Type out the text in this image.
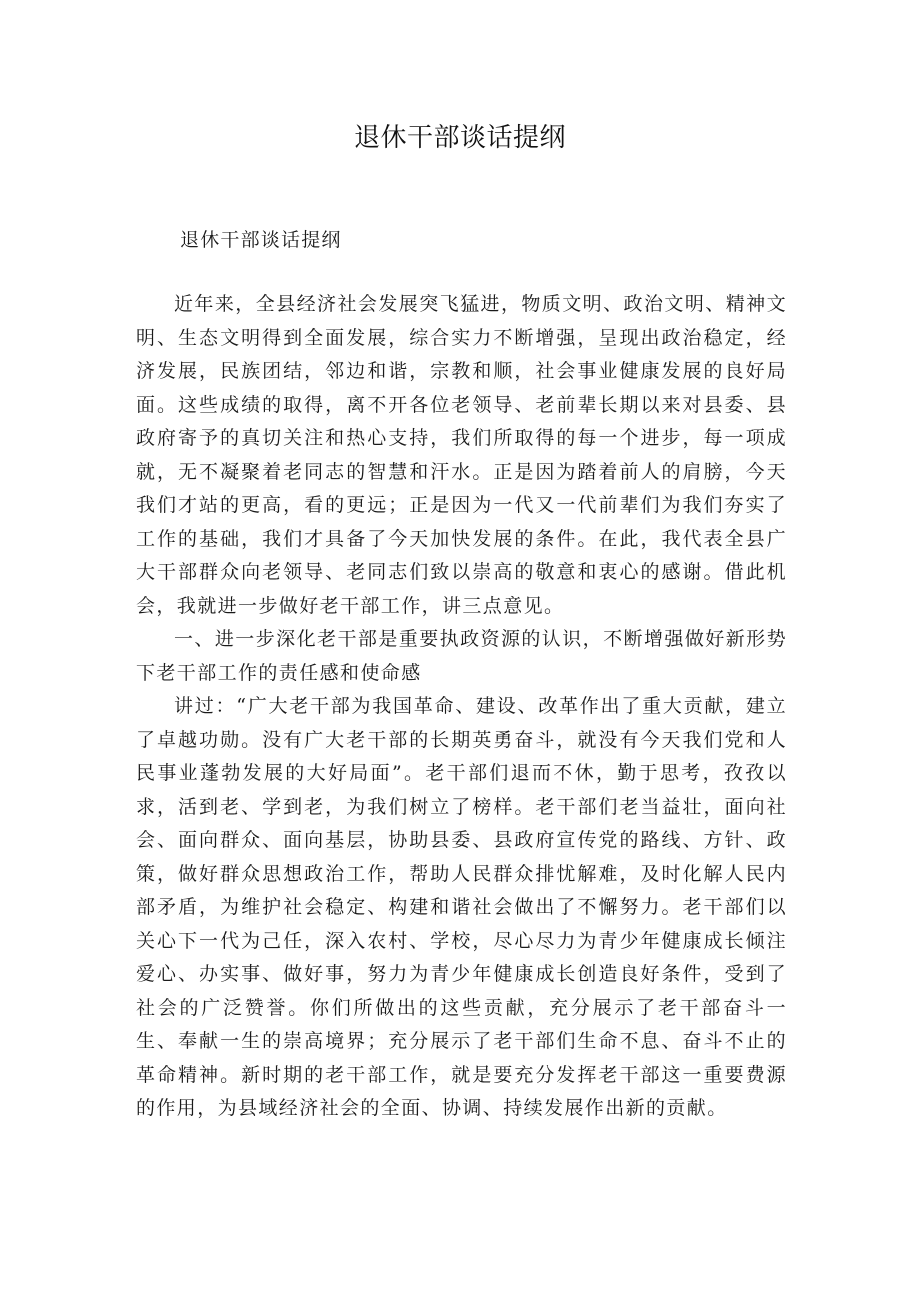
退休干部谈话提纲

退休干部谈话提纲

近年来，全县经济社会发展突飞猛进，物质文明、政治文明、精神文明、生态文明得到全面发展，综合实力不断增强，呈现出政治稳定，经济发展，民族团结，邻边和谐，宗教和顺，社会事业健康发展的良好局面。这些成绩的取得，离不开各位老领导、老前辈长期以来对县委、县政府寄予的真切关注和热心支持，我们所取得的每一个进步，每一项成就，无不凝聚着老同志的智慧和汗水。正是因为踏着前人的肩膀，今天我们才站的更高，看的更远；正是因为一代又一代前辈们为我们夯实了工作的基础，我们才具备了今天加快发展的条件。在此，我代表全县广大干部群众向老领导、老同志们致以崇高的敬意和衷心的感谢。借此机会，我就进一步做好老干部工作，讲三点意见。

一、进一步深化老干部是重要执政资源的认识，不断增强做好新形势下老干部工作的责任感和使命感

讲过：“广大老干部为我国革命、建设、改革作出了重大贡献，建立了卓越功勋。没有广大老干部的长期英勇奋斗，就没有今天我们党和人民事业蓬勃发展的大好局面”。老干部们退而不休，勤于思考，孜孜以求，活到老、学到老，为我们树立了榜样。老干部们老当益壮，面向社会、面向群众、面向基层，协助县委、县政府宣传党的路线、方针、政策，做好群众思想政治工作，帮助人民群众排忧解难，及时化解人民内部矛盾，为维护社会稳定、构建和谐社会做出了不懈努力。老干部们以关心下一代为己任，深入农村、学校，尽心尽力为青少年健康成长倾注爱心、办实事、做好事，努力为青少年健康成长创造良好条件，受到了社会的广泛赞誉。你们所做出的这些贡献，充分展示了老干部奋斗一生、奉献一生的崇高境界；充分展示了老干部们生命不息、奋斗不止的革命精神。新时期的老干部工作，就是要充分发挥老干部这一重要费源的作用，为县域经济社会的全面、协调、持续发展作出新的贡献。
